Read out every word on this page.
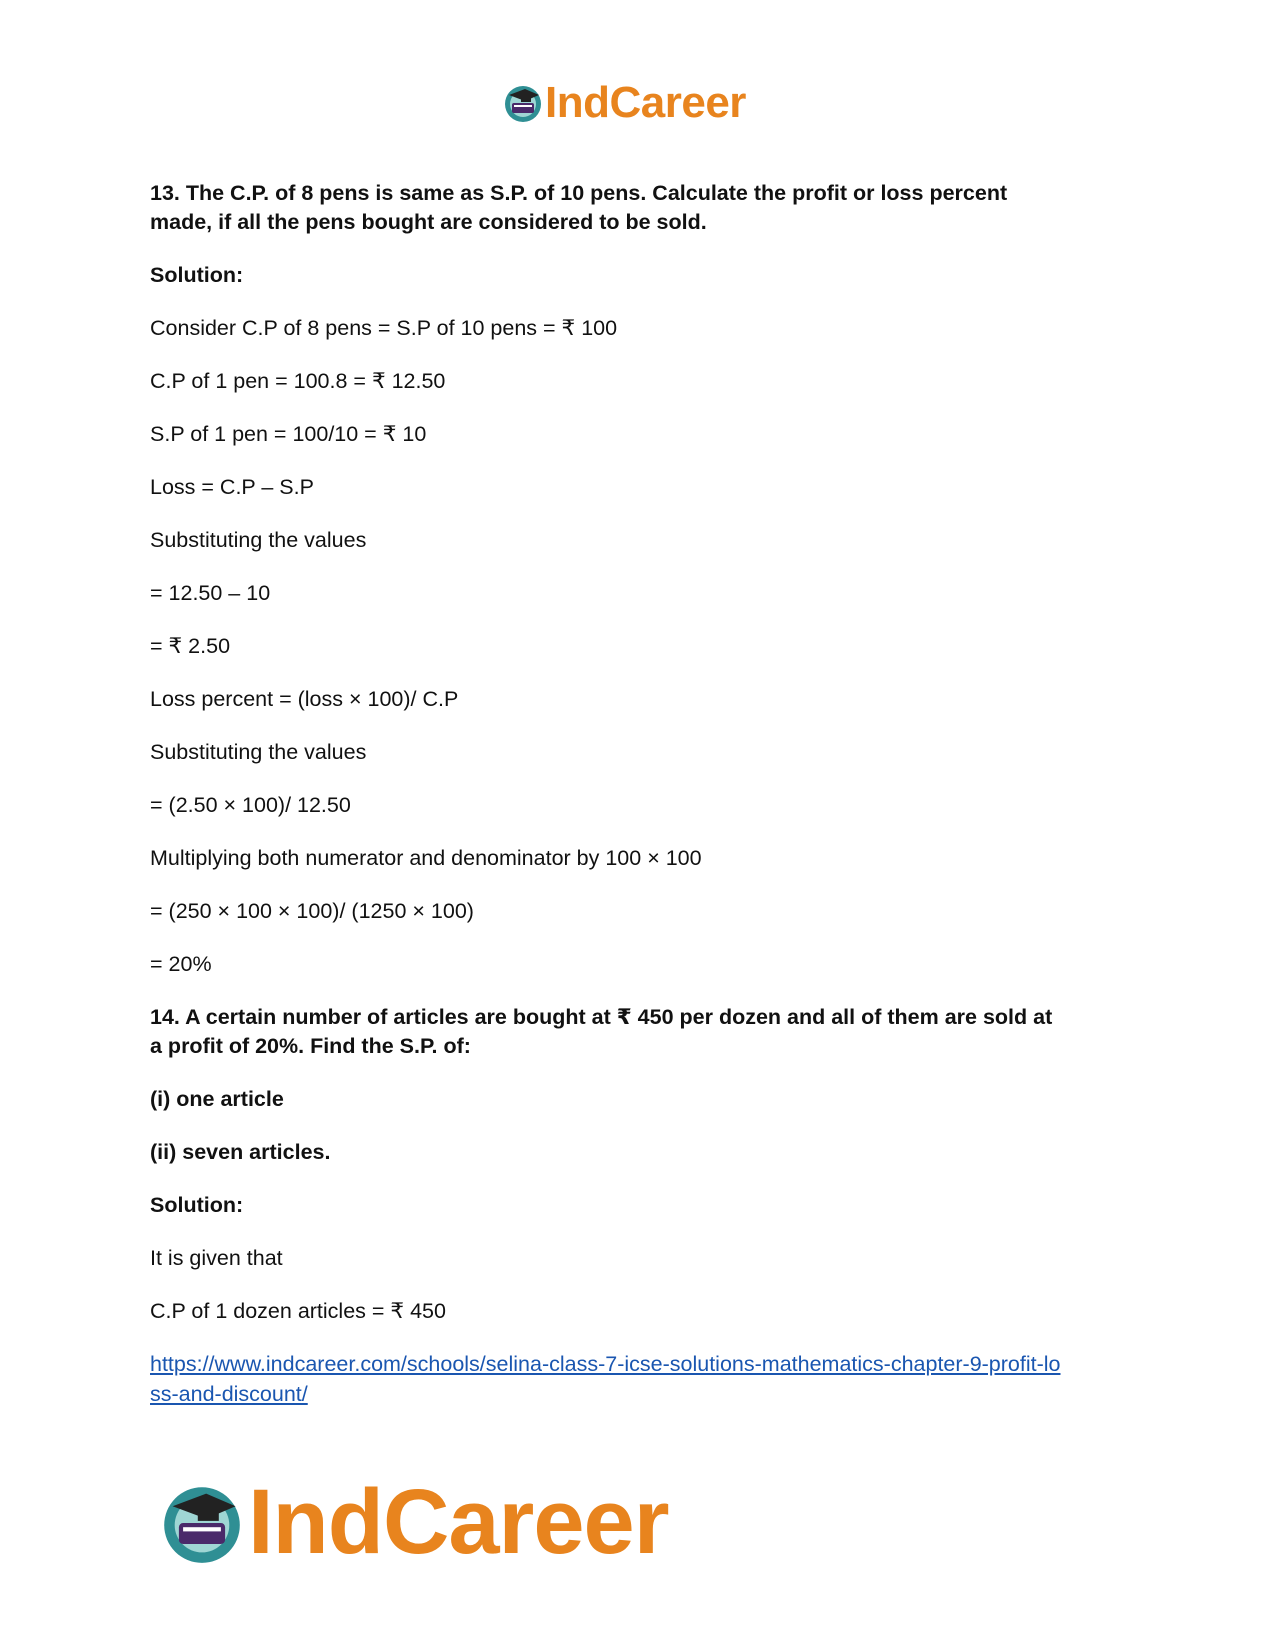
IndCareer

13. The C.P. of 8 pens is same as S.P. of 10 pens. Calculate the profit or loss percent

made, if all the pens bought are considered to be sold.

Solution:

Consider C.P of 8 pens = S.P of 10 pens = ₹ 100

C.P of 1 pen = 100.8 = ₹ 12.50

S.P of 1 pen = 100/10 = ₹ 10

Loss = C.P – S.P

Substituting the values

= 12.50 – 10

= ₹ 2.50

Loss percent = (loss × 100)/ C.P

Substituting the values

= (2.50 × 100)/ 12.50

Multiplying both numerator and denominator by 100 × 100

= (250 × 100 × 100)/ (1250 × 100)

= 20%

14. A certain number of articles are bought at ₹ 450 per dozen and all of them are sold at

a profit of 20%. Find the S.P. of:

(i) one article

(ii) seven articles.

Solution:

It is given that

C.P of 1 dozen articles = ₹ 450

https://www.indcareer.com/schools/selina-class-7-icse-solutions-mathematics-chapter-9-profit-lo
ss-and-discount/
IndCareer
